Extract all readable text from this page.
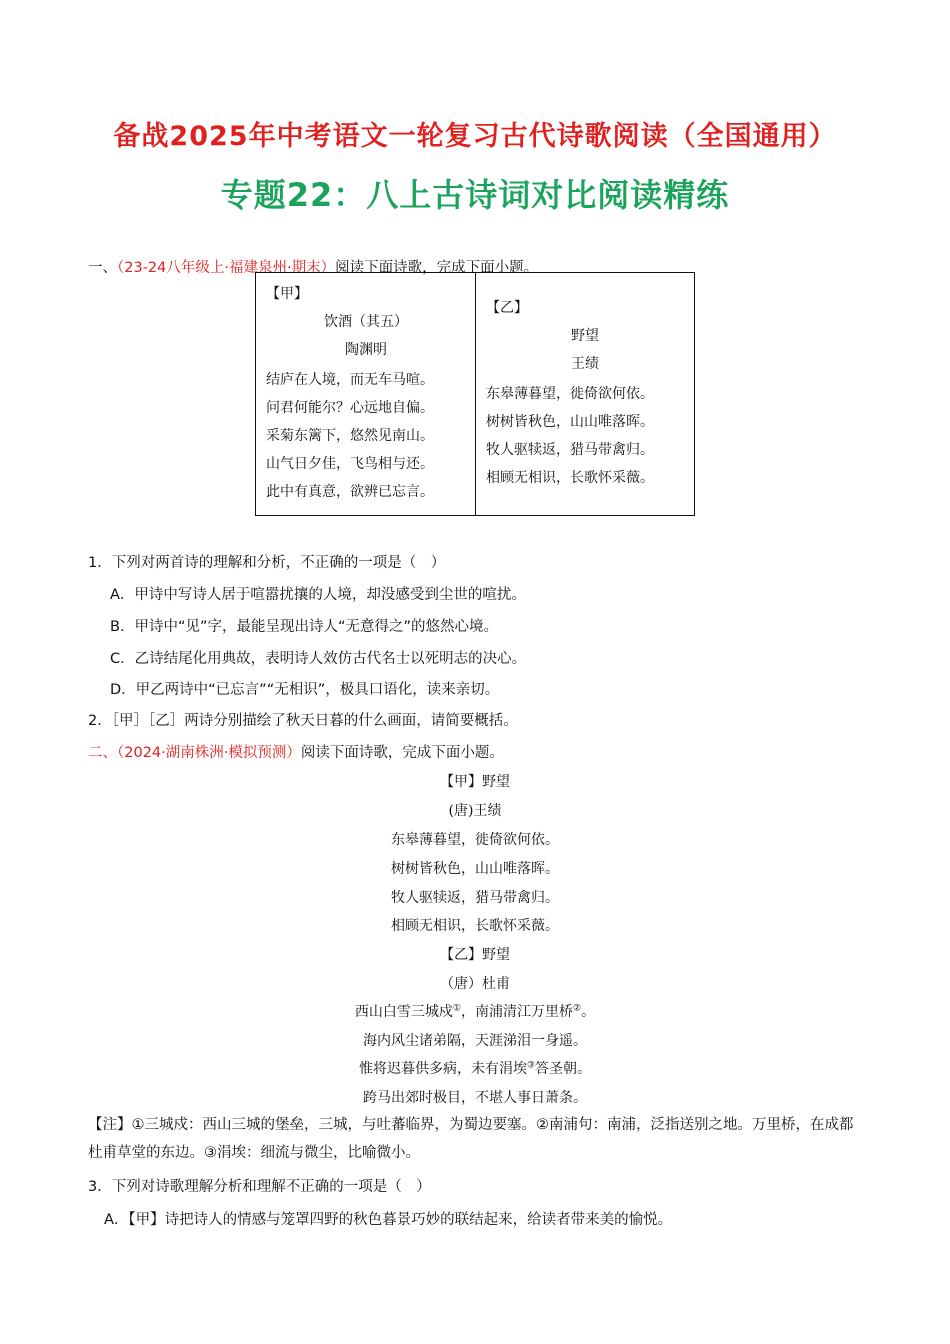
备战2025年中考语文一轮复习古代诗歌阅读（全国通用）
专题22：八上古诗词对比阅读精练
一、（23-24八年级上·福建泉州·期末）阅读下面诗歌，完成下面小题。
【甲】
饮酒（其五）
陶渊明
结庐在人境，而无车马喧。
问君何能尔？心远地自偏。
采菊东篱下，悠然见南山。
山气日夕佳，飞鸟相与还。
此中有真意，欲辨已忘言。
【乙】
野望
王绩
东皋薄暮望，徙倚欲何依。
树树皆秋色，山山唯落晖。
牧人驱犊返，猎马带禽归。
相顾无相识，长歌怀采薇。
1．下列对两首诗的理解和分析，不正确的一项是（　）
A．甲诗中写诗人居于喧嚣扰攘的人境，却没感受到尘世的喧扰。
B．甲诗中“见”字，最能呈现出诗人“无意得之”的悠然心境。
C．乙诗结尾化用典故，表明诗人效仿古代名士以死明志的决心。
D．甲乙两诗中“已忘言”“无相识”，极具口语化，读来亲切。
2．［甲］［乙］两诗分别描绘了秋天日暮的什么画面，请简要概括。
二、（2024·湖南株洲·模拟预测）阅读下面诗歌，完成下面小题。
【甲】野望
(唐)王绩
东皋薄暮望，徙倚欲何依。
树树皆秋色，山山唯落晖。
牧人驱犊返，猎马带禽归。
相顾无相识，长歌怀采薇。
【乙】野望
（唐）杜甫
西山白雪三城戍①，南浦清江万里桥②。
海内风尘诸弟隔，天涯涕泪一身遥。
惟将迟暮供多病，未有涓埃③答圣朝。
跨马出郊时极目，不堪人事日萧条。
【注】①三城戍：西山三城的堡垒，三城，与吐蕃临界，为蜀边要塞。②南浦句：南浦，泛指送别之地。万里桥，在成都杜甫草堂的东边。③涓埃：细流与微尘，比喻微小。
3．下列对诗歌理解分析和理解不正确的一项是（　）
A．【甲】诗把诗人的情感与笼罩四野的秋色暮景巧妙的联结起来，给读者带来美的愉悦。
